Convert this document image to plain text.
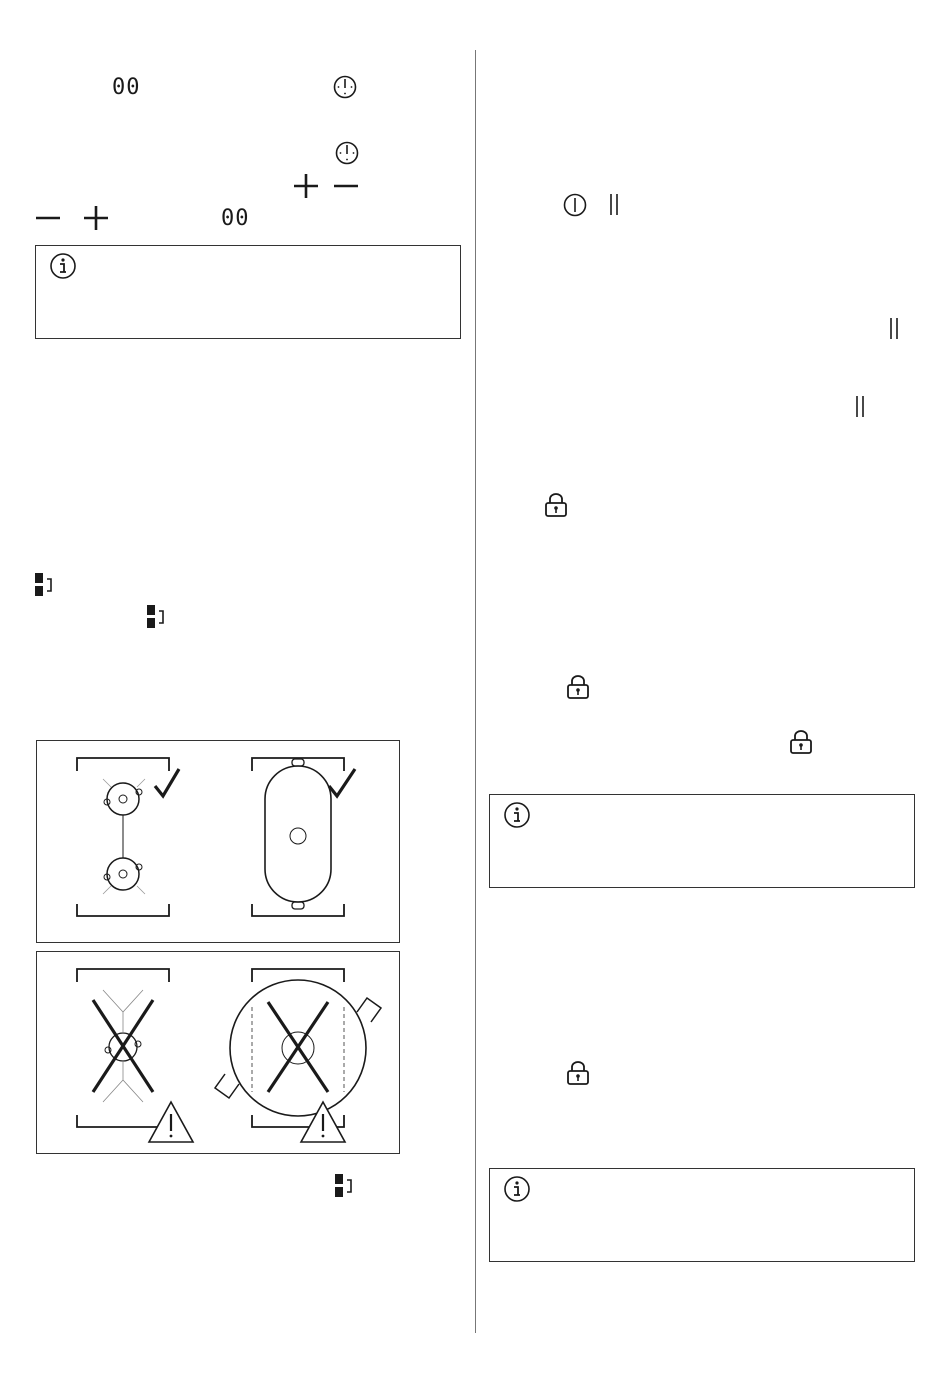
00
00
